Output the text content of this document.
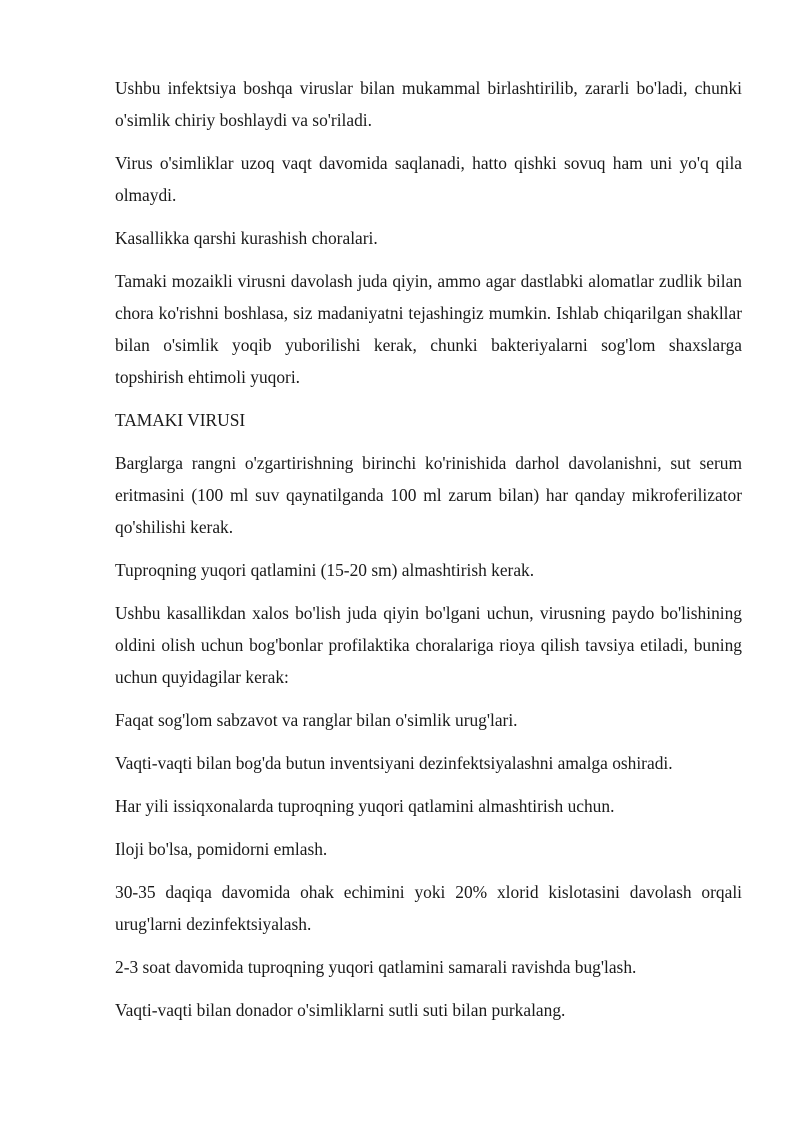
Ushbu infektsiya boshqa viruslar bilan mukammal birlashtirilib, zararli bo'ladi, chunki o'simlik chiriy boshlaydi va so'riladi.

Virus o'simliklar uzoq vaqt davomida saqlanadi, hatto qishki sovuq ham uni yo'q qila olmaydi.

Kasallikka qarshi kurashish choralari.

Tamaki mozaikli virusni davolash juda qiyin, ammo agar dastlabki alomatlar zudlik bilan chora ko'rishni boshlasa, siz madaniyatni tejashingiz mumkin. Ishlab chiqarilgan shakllar bilan o'simlik yoqib yuborilishi kerak, chunki bakteriyalarni sog'lom shaxslarga topshirish ehtimoli yuqori.

TAMAKI VIRUSI

Barglarga rangni o'zgartirishning birinchi ko'rinishida darhol davolanishni, sut serum eritmasini (100 ml suv qaynatilganda 100 ml zarum bilan) har qanday mikroferilizator qo'shilishi kerak.

Tuproqning yuqori qatlamini (15-20 sm) almashtirish kerak.

Ushbu kasallikdan xalos bo'lish juda qiyin bo'lgani uchun, virusning paydo bo'lishining oldini olish uchun bog'bonlar profilaktika choralariga rioya qilish tavsiya etiladi, buning uchun quyidagilar kerak:

Faqat sog'lom sabzavot va ranglar bilan o'simlik urug'lari.

Vaqti-vaqti bilan bog'da butun inventsiyani dezinfektsiyalashni amalga oshiradi.

Har yili issiqxonalarda tuproqning yuqori qatlamini almashtirish uchun.

Iloji bo'lsa, pomidorni emlash.

30-35 daqiqa davomida ohak echimini yoki 20% xlorid kislotasini davolash orqali urug'larni dezinfektsiyalash.

2-3 soat davomida tuproqning yuqori qatlamini samarali ravishda bug'lash.

Vaqti-vaqti bilan donador o'simliklarni sutli suti bilan purkalang.
